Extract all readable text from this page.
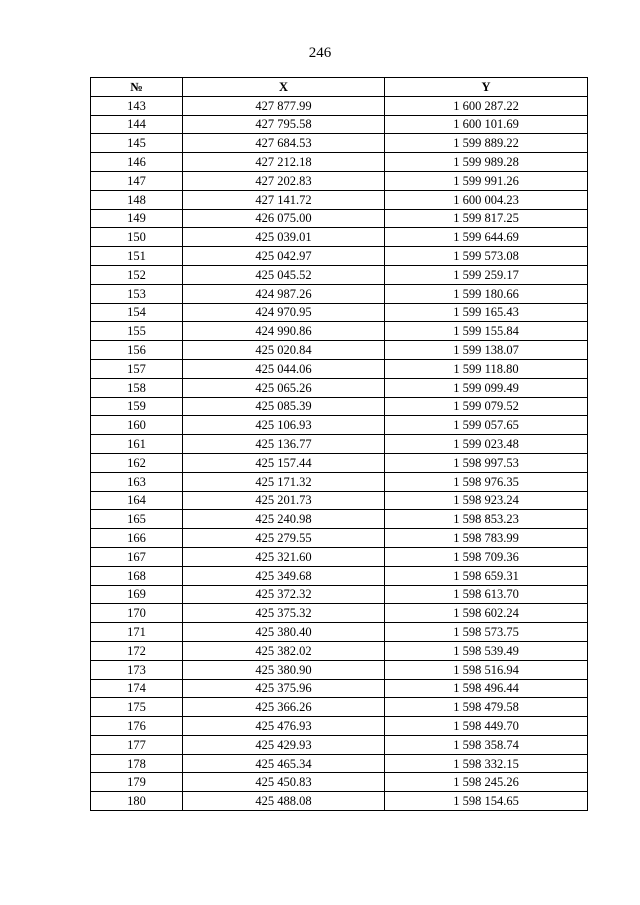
246
№	X	Y
143	427 877.99	1 600 287.22
144	427 795.58	1 600 101.69
145	427 684.53	1 599 889.22
146	427 212.18	1 599 989.28
147	427 202.83	1 599 991.26
148	427 141.72	1 600 004.23
149	426 075.00	1 599 817.25
150	425 039.01	1 599 644.69
151	425 042.97	1 599 573.08
152	425 045.52	1 599 259.17
153	424 987.26	1 599 180.66
154	424 970.95	1 599 165.43
155	424 990.86	1 599 155.84
156	425 020.84	1 599 138.07
157	425 044.06	1 599 118.80
158	425 065.26	1 599 099.49
159	425 085.39	1 599 079.52
160	425 106.93	1 599 057.65
161	425 136.77	1 599 023.48
162	425 157.44	1 598 997.53
163	425 171.32	1 598 976.35
164	425 201.73	1 598 923.24
165	425 240.98	1 598 853.23
166	425 279.55	1 598 783.99
167	425 321.60	1 598 709.36
168	425 349.68	1 598 659.31
169	425 372.32	1 598 613.70
170	425 375.32	1 598 602.24
171	425 380.40	1 598 573.75
172	425 382.02	1 598 539.49
173	425 380.90	1 598 516.94
174	425 375.96	1 598 496.44
175	425 366.26	1 598 479.58
176	425 476.93	1 598 449.70
177	425 429.93	1 598 358.74
178	425 465.34	1 598 332.15
179	425 450.83	1 598 245.26
180	425 488.08	1 598 154.65
